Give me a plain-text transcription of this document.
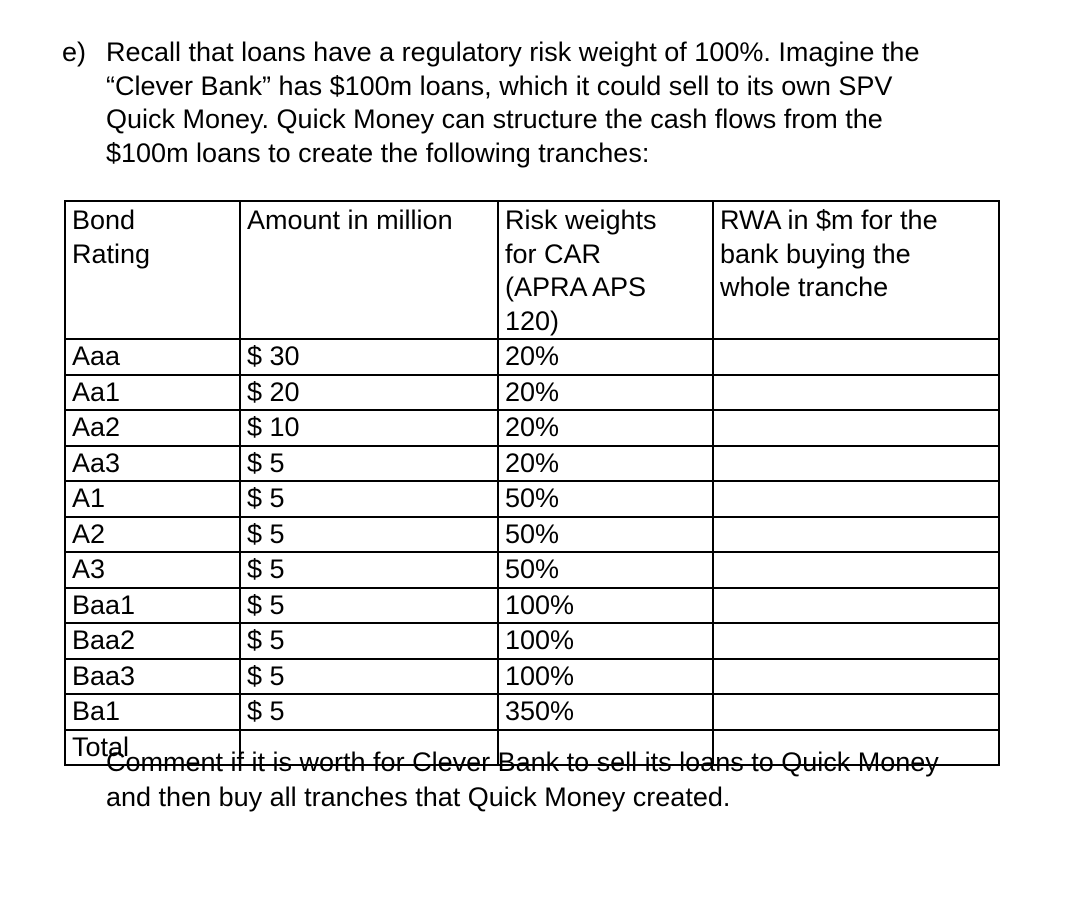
e) Recall that loans have a regulatory risk weight of 100%. Imagine the
“Clever Bank” has $100m loans, which it could sell to its own SPV
Quick Money. Quick Money can structure the cash flows from the
$100m loans to create the following tranches:
Bond
Rating	Amount in million	Risk weights
for CAR
(APRA APS
120)	RWA in $m for the
bank buying the
whole tranche
Aaa	$ 30	20%	
Aa1	$ 20	20%	
Aa2	$ 10	20%	
Aa3	$ 5	20%	
A1	$ 5	50%	
A2	$ 5	50%	
A3	$ 5	50%	
Baa1	$ 5	100%	
Baa2	$ 5	100%	
Baa3	$ 5	100%	
Ba1	$ 5	350%	
Total			
Comment if it is worth for Clever Bank to sell its loans to Quick Money
and then buy all tranches that Quick Money created.
